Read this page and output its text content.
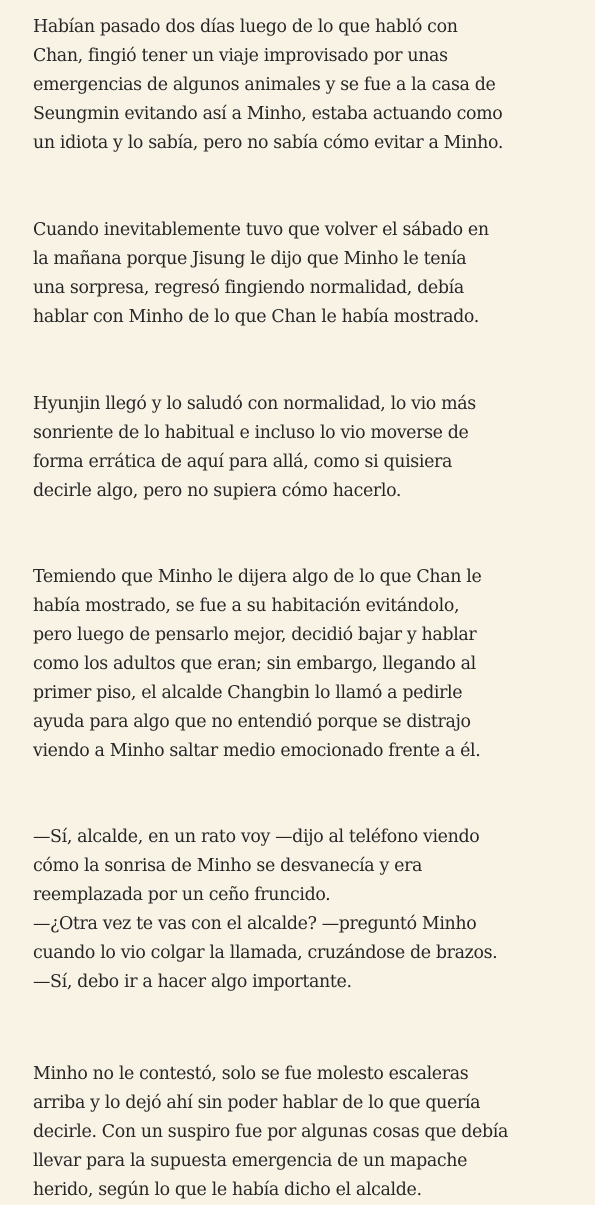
Habían pasado dos días luego de lo que habló con
Chan, fingió tener un viaje improvisado por unas
emergencias de algunos animales y se fue a la casa de
Seungmin evitando así a Minho, estaba actuando como
un idiota y lo sabía, pero no sabía cómo evitar a Minho.

Cuando inevitablemente tuvo que volver el sábado en
la mañana porque Jisung le dijo que Minho le tenía
una sorpresa, regresó fingiendo normalidad, debía
hablar con Minho de lo que Chan le había mostrado.

Hyunjin llegó y lo saludó con normalidad, lo vio más
sonriente de lo habitual e incluso lo vio moverse de
forma errática de aquí para allá, como si quisiera
decirle algo, pero no supiera cómo hacerlo.

Temiendo que Minho le dijera algo de lo que Chan le
había mostrado, se fue a su habitación evitándolo,
pero luego de pensarlo mejor, decidió bajar y hablar
como los adultos que eran; sin embargo, llegando al
primer piso, el alcalde Changbin lo llamó a pedirle
ayuda para algo que no entendió porque se distrajo
viendo a Minho saltar medio emocionado frente a él.

—Sí, alcalde, en un rato voy —dijo al teléfono viendo
cómo la sonrisa de Minho se desvanecía y era
reemplazada por un ceño fruncido.

—¿Otra vez te vas con el alcalde? —preguntó Minho
cuando lo vio colgar la llamada, cruzándose de brazos.

—Sí, debo ir a hacer algo importante.

Minho no le contestó, solo se fue molesto escaleras
arriba y lo dejó ahí sin poder hablar de lo que quería
decirle. Con un suspiro fue por algunas cosas que debía
llevar para la supuesta emergencia de un mapache
herido, según lo que le había dicho el alcalde.
